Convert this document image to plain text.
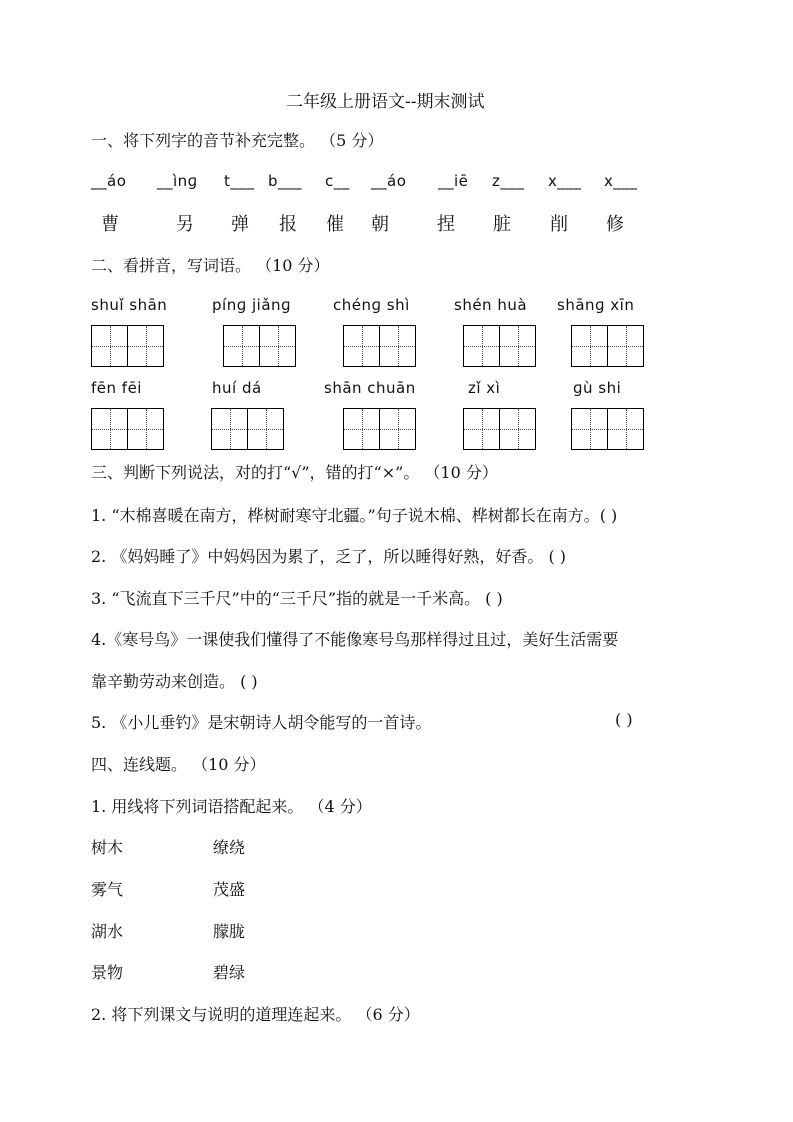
二年级上册语文--期末测试
一、将下列字的音节补充完整。 （5 分）
__áo __ìnɡ t___ b___ c__ __áo __iē z___ x___ x___
曹	另 弹 报 催 朝	捏 脏 削 修
二、看拼音，写词语。 （10 分）
shuǐ shān	pínɡ jiǎnɡ	chénɡ shì	shén huà shānɡ xīn
fēn fēi	huí dá	shān chuān	zǐ xì	ɡù shi
三、判断下列说法，对的打“√”，错的打“×”。 （10 分）
1. “木棉喜暖在南方，桦树耐寒守北疆。”句子说木棉、桦树都长在南方。( )
2. 《妈妈睡了》中妈妈因为累了，乏了，所以睡得好熟，好香。 ( )
3. “飞流直下三千尺”中的“三千尺”指的就是一千米高。 ( )
4.《寒号鸟》一课使我们懂得了不能像寒号鸟那样得过且过，美好生活需要
靠辛勤劳动来创造。 ( )
5. 《小儿垂钓》是宋朝诗人胡令能写的一首诗。	( )
四、连线题。 （10 分）
1. 用线将下列词语搭配起来。 （4 分）
树木	缭绕
雾气	茂盛
湖水	朦胧
景物	碧绿
2. 将下列课文与说明的道理连起来。 （6 分）
